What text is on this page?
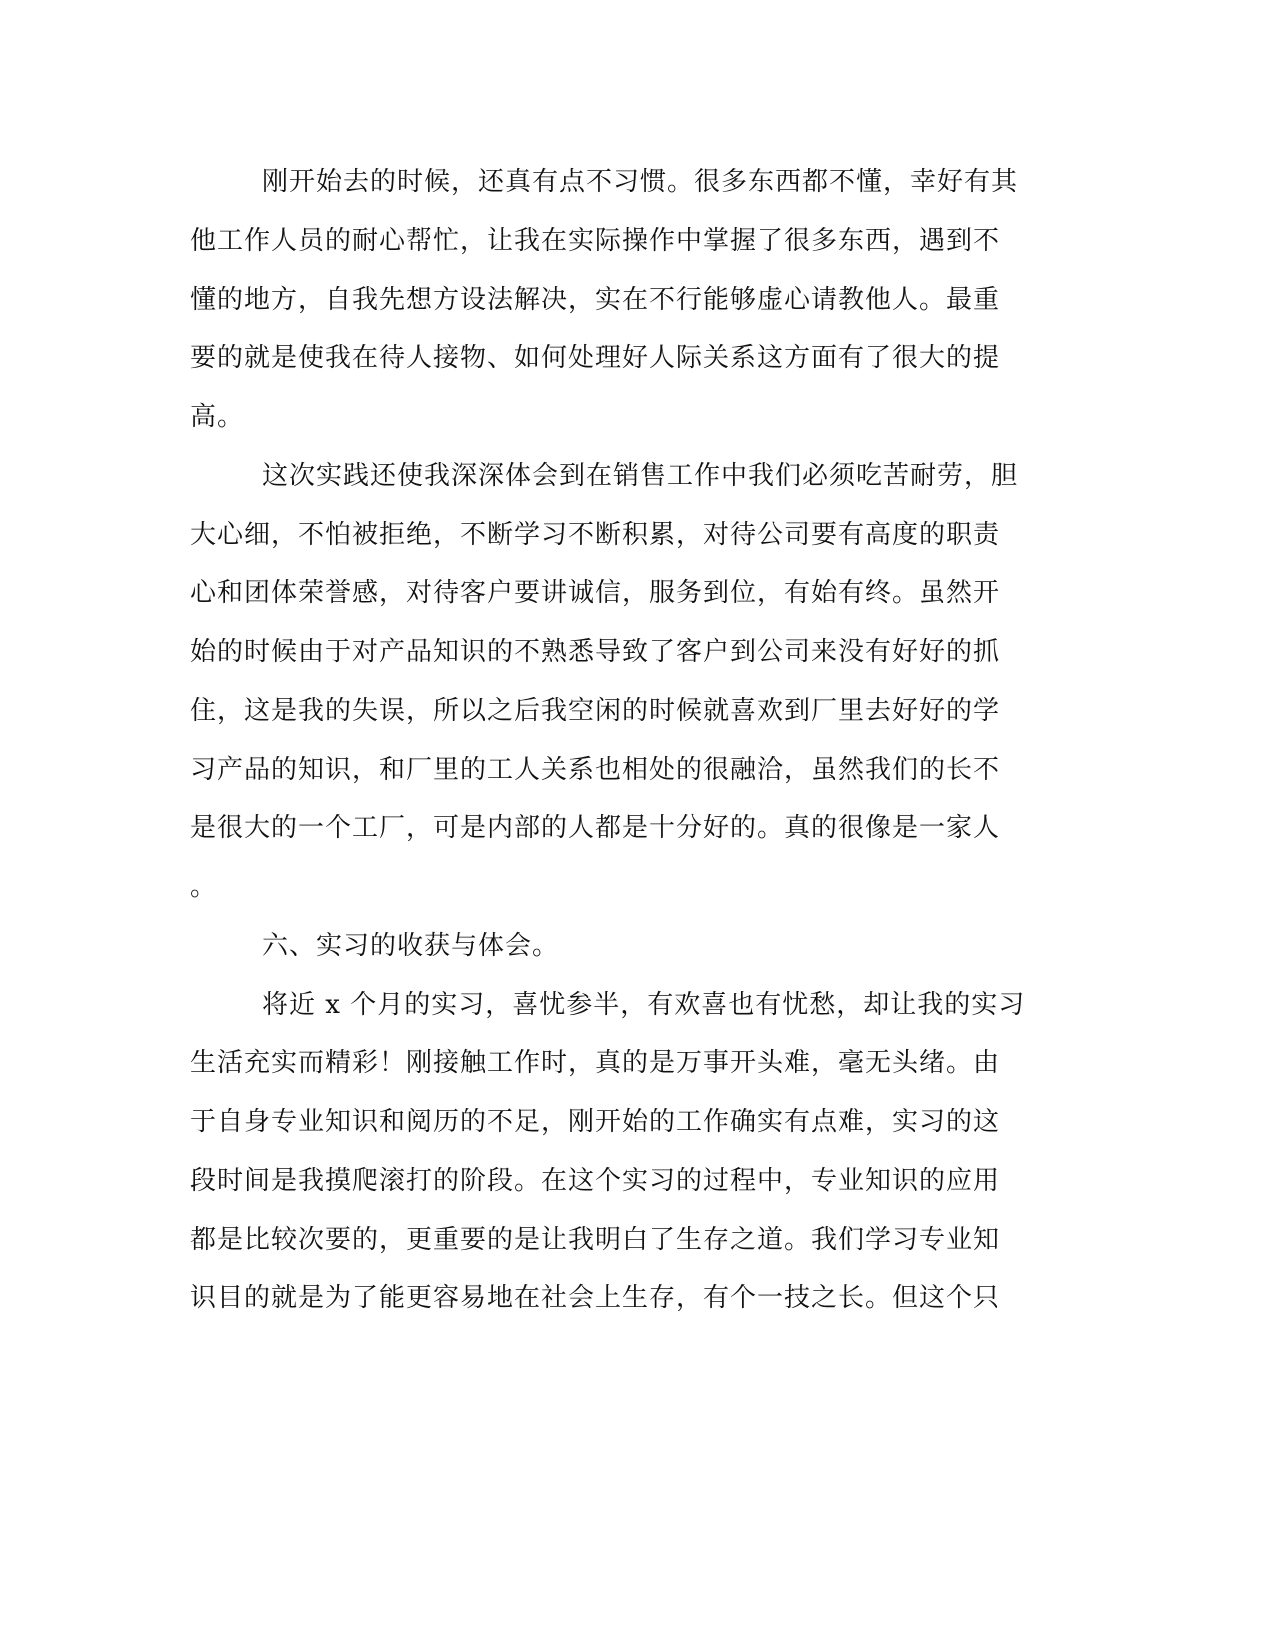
刚开始去的时候，还真有点不习惯。很多东西都不懂，幸好有其
他工作人员的耐心帮忙，让我在实际操作中掌握了很多东西，遇到不
懂的地方，自我先想方设法解决，实在不行能够虚心请教他人。最重
要的就是使我在待人接物、如何处理好人际关系这方面有了很大的提
高。
这次实践还使我深深体会到在销售工作中我们必须吃苦耐劳，胆
大心细，不怕被拒绝，不断学习不断积累，对待公司要有高度的职责
心和团体荣誉感，对待客户要讲诚信，服务到位，有始有终。虽然开
始的时候由于对产品知识的不熟悉导致了客户到公司来没有好好的抓
住，这是我的失误，所以之后我空闲的时候就喜欢到厂里去好好的学
习产品的知识，和厂里的工人关系也相处的很融洽，虽然我们的长不
是很大的一个工厂，可是内部的人都是十分好的。真的很像是一家人
。
六、实习的收获与体会。
将近 x 个月的实习，喜忧参半，有欢喜也有忧愁，却让我的实习
生活充实而精彩！刚接触工作时，真的是万事开头难，毫无头绪。由
于自身专业知识和阅历的不足，刚开始的工作确实有点难，实习的这
段时间是我摸爬滚打的阶段。在这个实习的过程中，专业知识的应用
都是比较次要的，更重要的是让我明白了生存之道。我们学习专业知
识目的就是为了能更容易地在社会上生存，有个一技之长。但这个只
